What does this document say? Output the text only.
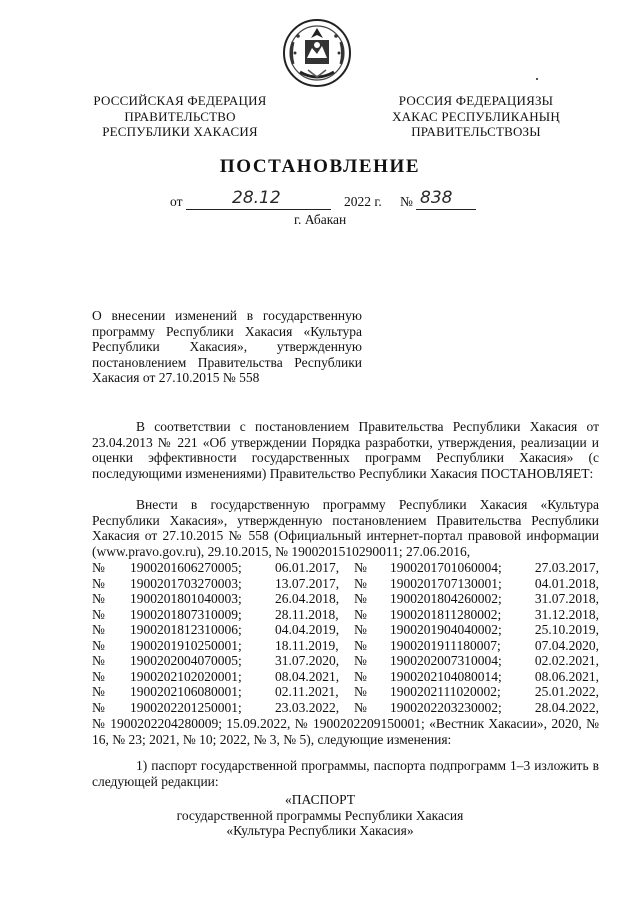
РОССИЙСКАЯ ФЕДЕРАЦИЯ
ПРАВИТЕЛЬСТВО
РЕСПУБЛИКИ ХАКАСИЯ
РОССИЯ ФЕДЕРАЦИЯЗЫ
ХАКАС РЕСПУБЛИКАНЫҢ
ПРАВИТЕЛЬСТВОЗЫ
ПОСТАНОВЛЕНИЕ
от	28.12	2022 г. № 838
г. Абакан
О внесении изменений в государственную программу Республики Хакасия «Культура Республики Хакасия», утвержденную постановлением Правительства Республики Хакасия от 27.10.2015 № 558
В соответствии с постановлением Правительства Республики Хакасия от 23.04.2013 № 221 «Об утверждении Порядка разработки, утверждения, реализации и оценки эффективности государственных программ Республики Хакасия» (с последующими изменениями) Правительство Республики Хакасия ПОСТАНОВЛЯЕТ:
Внести в государственную программу Республики Хакасия «Культура Республики Хакасия», утвержденную постановлением Правительства Республики Хакасия от 27.10.2015 № 558 (Официальный интернет-портал правовой информации (www.pravo.gov.ru), 29.10.2015, № 1900201510290011; 27.06.2016,
№ 1900201606270005; 06.01.2017, № 1900201701060004; 27.03.2017,
№ 1900201703270003; 13.07.2017, № 1900201707130001; 04.01.2018,
№ 1900201801040003; 26.04.2018, № 1900201804260002; 31.07.2018,
№ 1900201807310009; 28.11.2018, № 1900201811280002; 31.12.2018,
№ 1900201812310006; 04.04.2019, № 1900201904040002; 25.10.2019,
№ 1900201910250001; 18.11.2019, № 1900201911180007;	07.04.2020,
№ 1900202004070005; 31.07.2020, № 1900202007310004; 02.02.2021,
№ 1900202102020001; 08.04.2021, № 1900202104080014; 08.06.2021,
№ 1900202106080001; 02.11.2021, № 1900202111020002;	25.01.2022,
№ 1900202201250001; 23.03.2022, № 1900202203230002; 28.04.2022,
№ 1900202204280009; 15.09.2022, № 1900202209150001; «Вестник Хакасии», 2020, № 16, № 23; 2021, № 10; 2022, № 3, № 5), следующие изменения:
1) паспорт государственной программы, паспорта подпрограмм 1–3 изложить в следующей редакции:
«ПАСПОРТ
государственной программы Республики Хакасия
«Культура Республики Хакасия»
